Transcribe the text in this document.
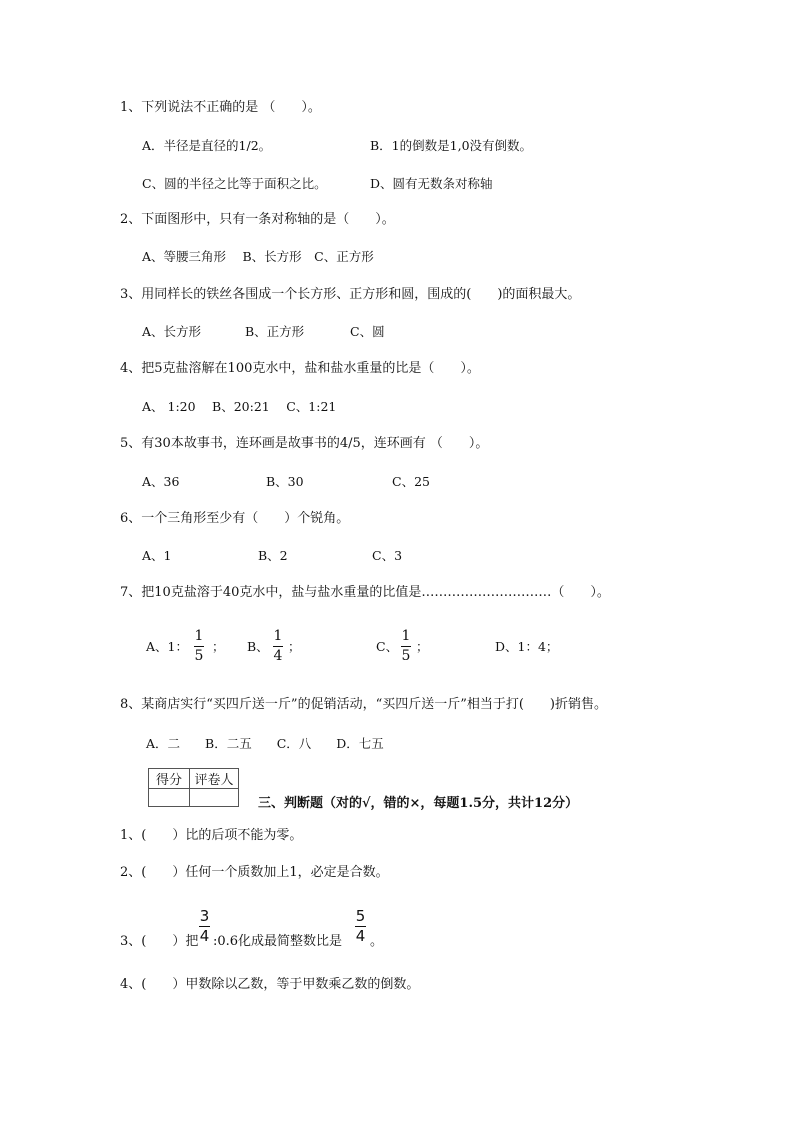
1、下列说法不正确的是 （　　）。
A．半径是直径的1/2。	B．1的倒数是1,0没有倒数。
C、圆的半径之比等于面积之比。	D、圆有无数条对称轴
2、下面图形中，只有一条对称轴的是（　　）。
A、等腰三角形　 B、长方形　C、正方形
3、用同样长的铁丝各围成一个长方形、正方形和圆，围成的(　　)的面积最大。
A、长方形	B、正方形	C、圆
4、把5克盐溶解在100克水中，盐和盐水重量的比是（　　）。
A、 1:20　 B、20:21　 C、1:21
5、有30本故事书，连环画是故事书的4/5，连环画有 （　　）。
A、36	B、30	C、25
6、一个三角形至少有（　　）个锐角。
A、1	B、2	C、3
7、把10克盐溶于40克水中，盐与盐水重量的比值是…………………………（　　）。
A、1：
1
5
； B、
1
4
；	C、
1
5
；	D、1：4；
8、某商店实行“买四斤送一斤”的促销活动，“买四斤送一斤”相当于打(　　)折销售。
A．二　　B．二五　　C．八　　D．七五
得分	评卷人

三、判断题（对的√，错的×，每题1.5分，共计12分）
1、(　　）比的后项不能为零。
2、(　　）任何一个质数加上1，必定是合数。
3、(　　）把
3
4 :0.6化成最简整数比是
5
4 。
4、(　　）甲数除以乙数，等于甲数乘乙数的倒数。
